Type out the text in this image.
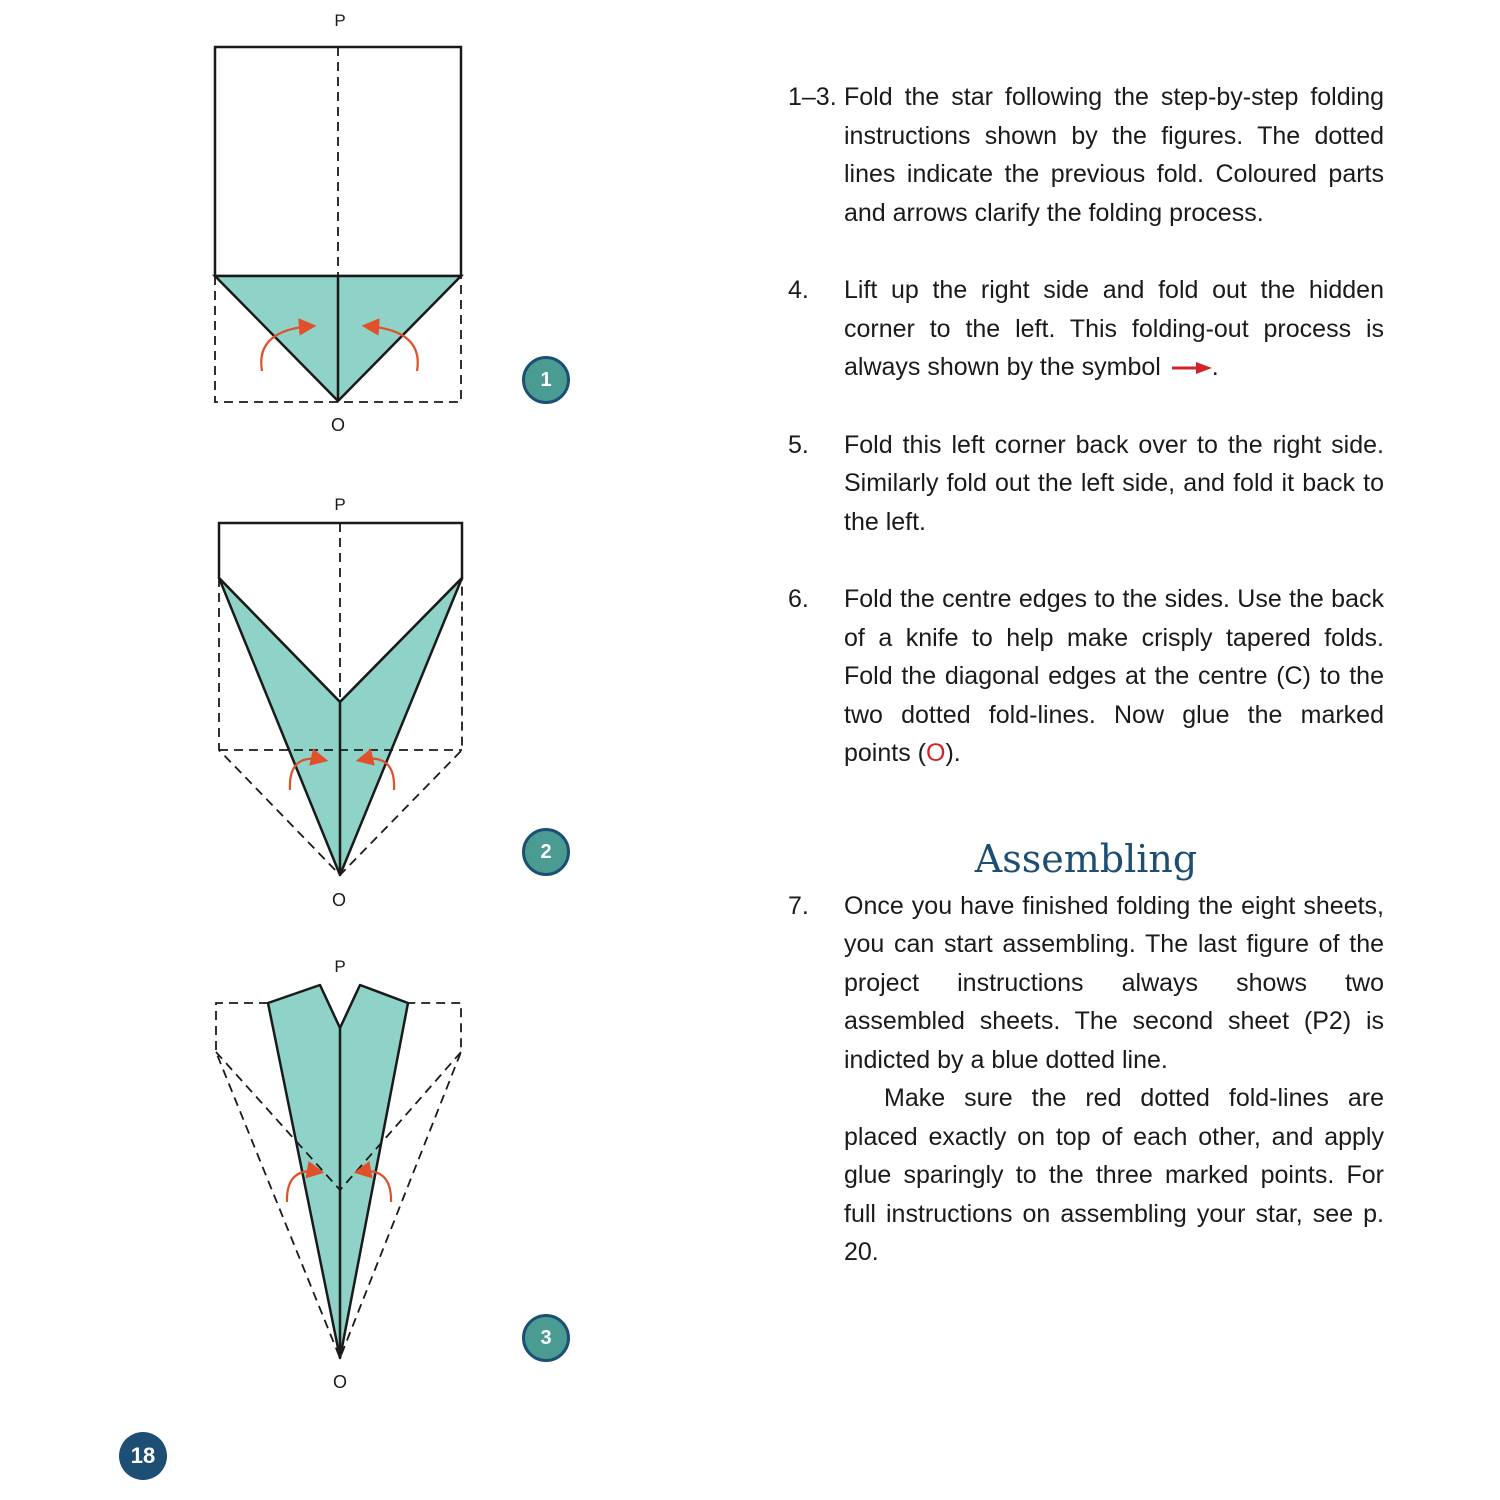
P
O
P
O
P
O
1
2
3
1–3. Fold the star following the step-by-step folding instructions shown by the figures. The dotted lines indicate the previous fold. Coloured parts and arrows clarify the folding process.

4. Lift up the right side and fold out the hidden corner to the left. This folding-out process is always shown by the symbol .

5. Fold this left corner back over to the right side. Similarly fold out the left side, and fold it back to the left.

6. Fold the centre edges to the sides. Use the back of a knife to help make crisply tapered folds. Fold the diagonal edges at the centre (C) to the two dotted fold-lines. Now glue the marked points (O).

Assembling
7. Once you have finished folding the eight sheets, you can start assembling. The last figure of the project instructions always shows two assembled sheets. The second sheet (P2) is indicted by a blue dotted line.

Make sure the red dotted fold-lines are placed exactly on top of each other, and apply glue sparingly to the three marked points. For full instructions on assembling your star, see p. 20.

18
